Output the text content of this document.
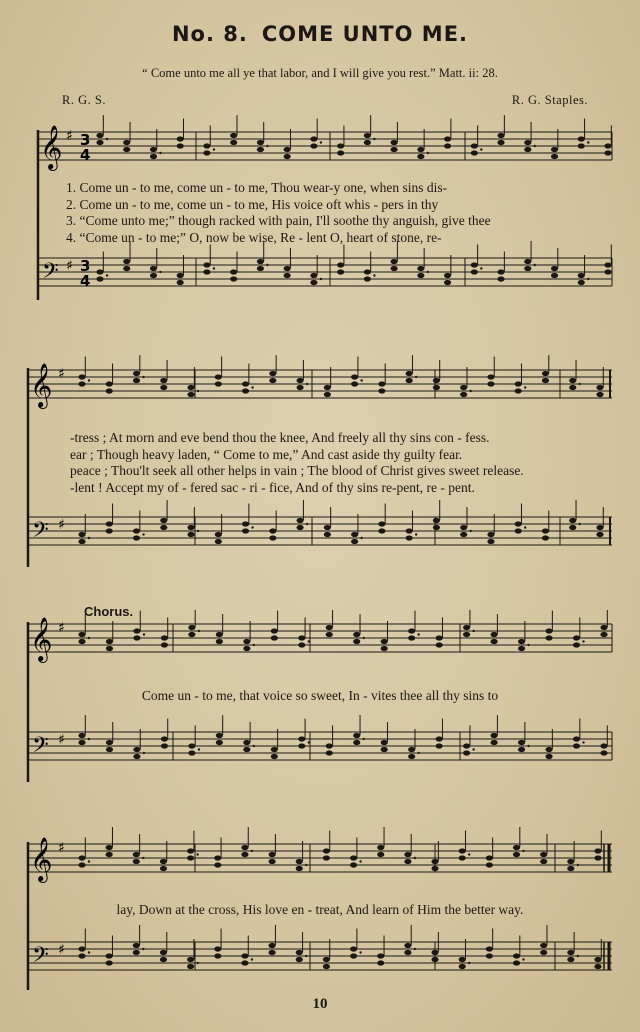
No. 8. COME UNTO ME.
“ Come unto me all ye that labor, and I will give you rest.” Matt. ii: 28.
R. G. S.	R. G. Staples.
𝄞 ♯ 3
4
𝄢 ♯ 3
4
1. Come un - to me, come un - to me, Thou wear-y one, when sins dis-
2. Come un - to me, come un - to me, His voice oft whis - pers in thy
3. “Come unto me;” though racked with pain, I'll soothe thy anguish, give thee
4. “Come un - to me;” O, now be wise, Re - lent O, heart of stone, re-
𝄞 ♯
𝄢 ♯
-tress ; At morn and eve bend thou the knee, And freely all thy sins con - fess.
ear ; Though heavy laden, “ Come to me,” And cast aside thy guilty fear.
peace ; Thou'lt seek all other helps in vain ; The blood of Christ gives sweet release.
-lent ! Accept my of - fered sac - ri - fice, And of thy sins re-pent, re - pent.
Chorus.
𝄞 ♯
𝄢 ♯
Come un - to me, that voice so sweet, In - vites thee all thy sins to
𝄞 ♯
𝄢 ♯
lay, Down at the cross, His love en - treat, And learn of Him the better way.
10
